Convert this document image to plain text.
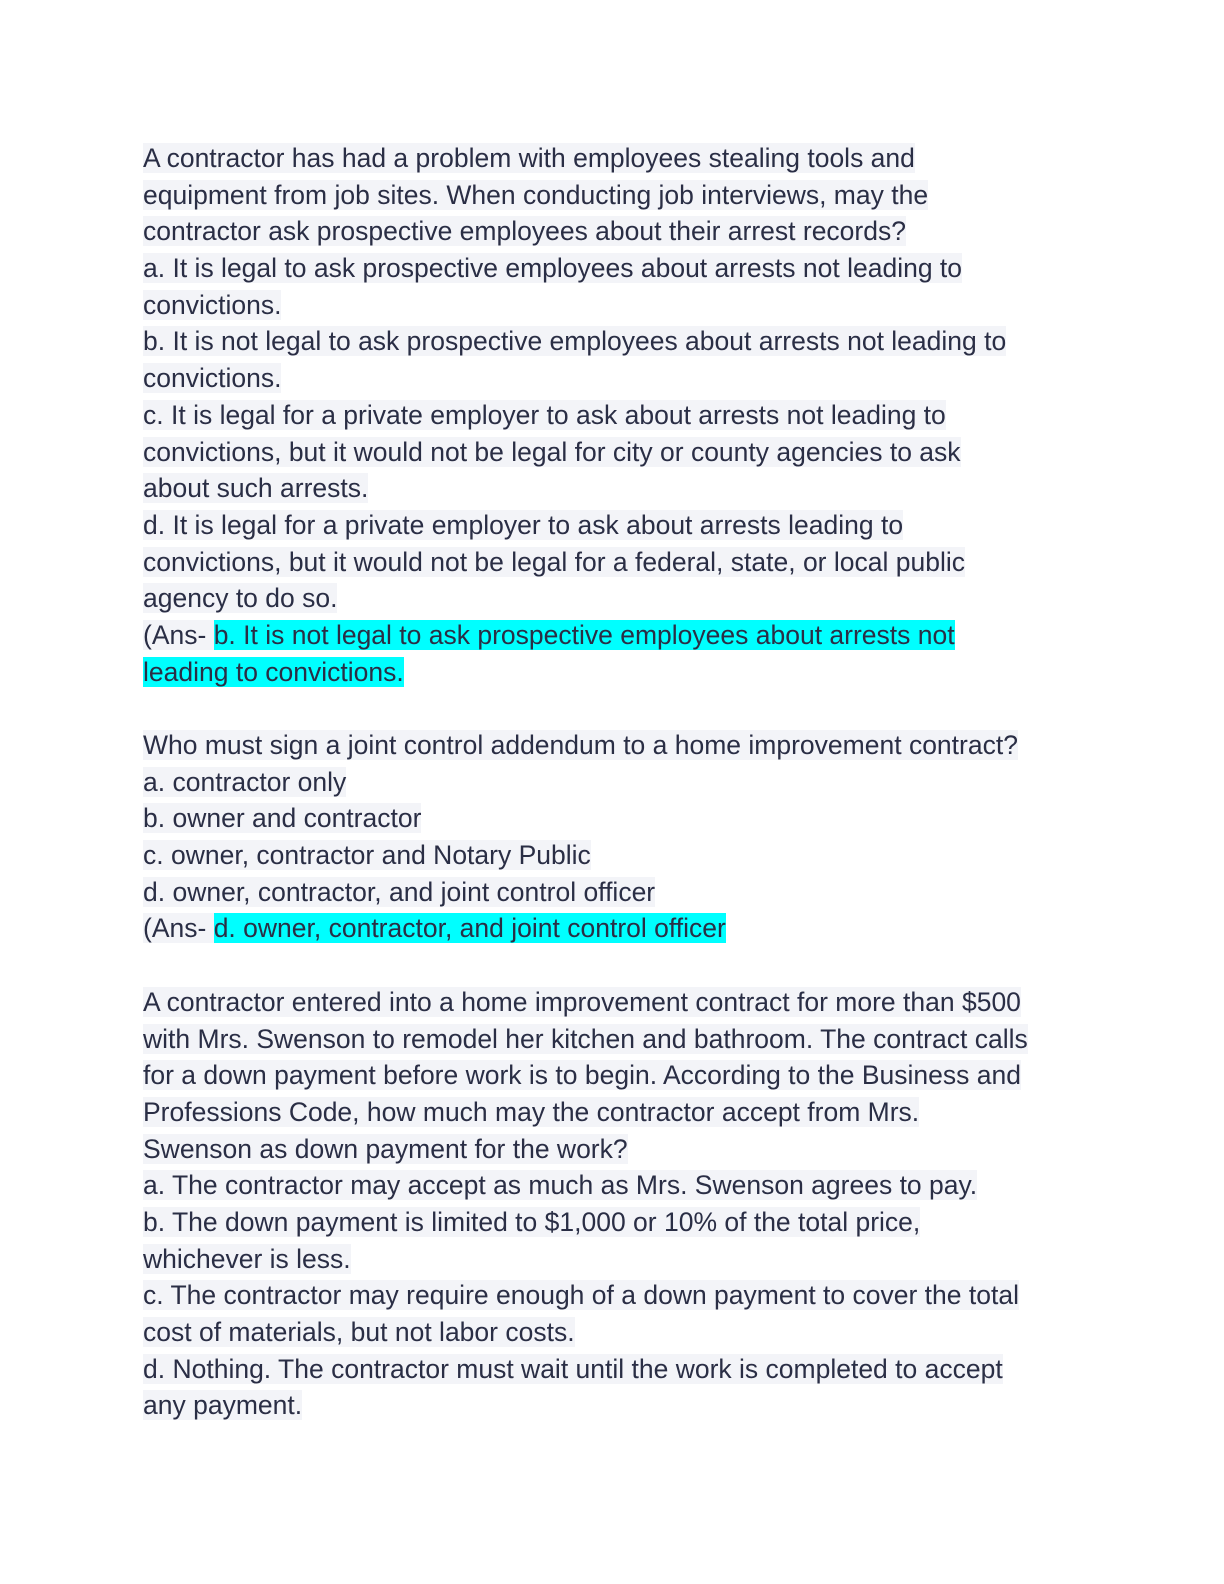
A contractor has had a problem with employees stealing tools and
equipment from job sites. When conducting job interviews, may the
contractor ask prospective employees about their arrest records?
a. It is legal to ask prospective employees about arrests not leading to
convictions.
b. It is not legal to ask prospective employees about arrests not leading to
convictions.
c. It is legal for a private employer to ask about arrests not leading to
convictions, but it would not be legal for city or county agencies to ask
about such arrests.
d. It is legal for a private employer to ask about arrests leading to
convictions, but it would not be legal for a federal, state, or local public
agency to do so.
(Ans- b. It is not legal to ask prospective employees about arrests not
leading to convictions.
Who must sign a joint control addendum to a home improvement contract?
a. contractor only
b. owner and contractor
c. owner, contractor and Notary Public
d. owner, contractor, and joint control officer
(Ans- d. owner, contractor, and joint control officer
A contractor entered into a home improvement contract for more than $500
with Mrs. Swenson to remodel her kitchen and bathroom. The contract calls
for a down payment before work is to begin. According to the Business and
Professions Code, how much may the contractor accept from Mrs.
Swenson as down payment for the work?
a. The contractor may accept as much as Mrs. Swenson agrees to pay.
b. The down payment is limited to $1,000 or 10% of the total price,
whichever is less.
c. The contractor may require enough of a down payment to cover the total
cost of materials, but not labor costs.
d. Nothing. The contractor must wait until the work is completed to accept
any payment.
